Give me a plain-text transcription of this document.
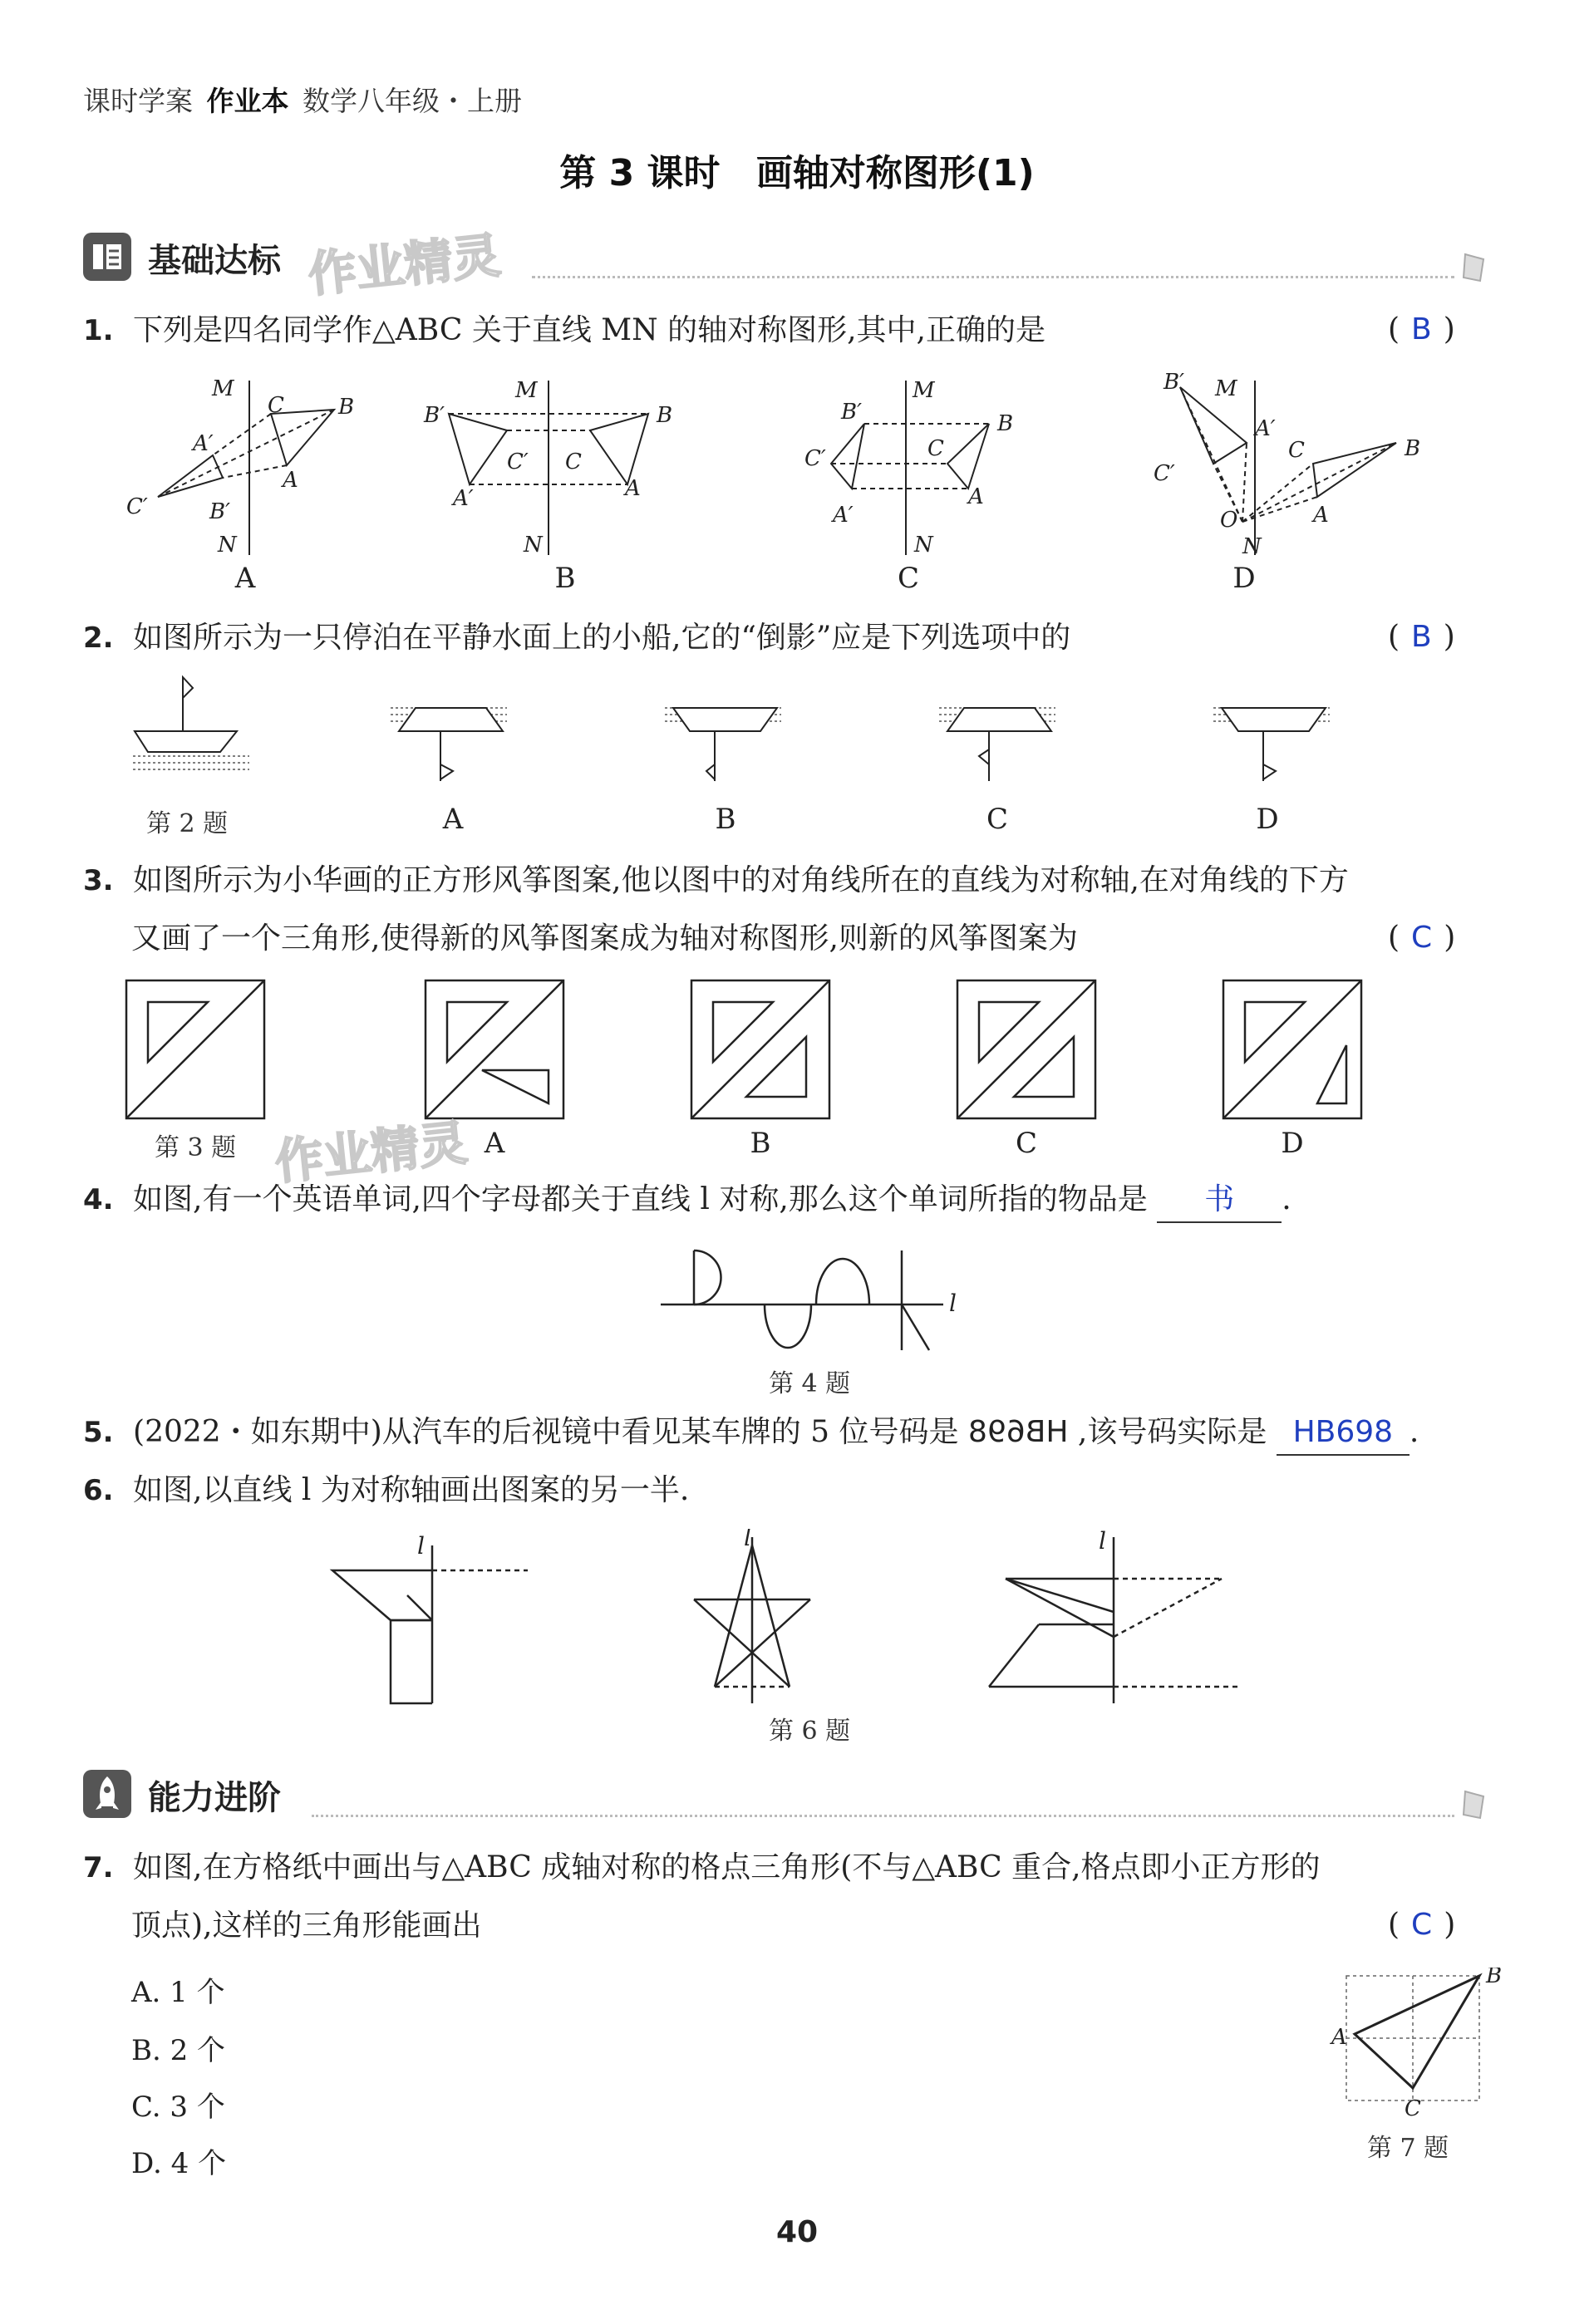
课时学案 作业本 数学八年级・上册
第 3 课时 画轴对称图形(1)
基础达标 作业精灵
1. 下列是四名同学作△ABC 关于直线 MN 的轴对称图形,其中,正确的是	( B )
M
N
C	B
A
A′
C′	B′
M
N
B
B′
C′ C
A′	A
M
N
B
B′
C′	C
A
A′
B′ M
A′
C	B
C′
O	A
N
A	B	C	D
2. 如图所示为一只停泊在平静水面上的小船,它的“倒影”应是下列选项中的	( B )
第 2 题	A	B	C	D
3. 如图所示为小华画的正方形风筝图案,他以图中的对角线所在的直线为对称轴,在对角线的下方
又画了一个三角形,使得新的风筝图案成为轴对称图形,则新的风筝图案为	( C )
第 3 题 作业精灵 A	B	C	D
4. 如图,有一个英语单词,四个字母都关于直线 l 对称,那么这个单词所指的物品是 书 .
l
第 4 题
5. (2022・如东期中)从汽车的后视镜中看见某车牌的 5 位号码是 HB698 ,该号码实际是 HB698 .
6. 如图,以直线 l 为对称轴画出图案的另一半.
l	l	l
第 6 题
能力进阶
7. 如图,在方格纸中画出与△ABC 成轴对称的格点三角形(不与△ABC 重合,格点即小正方形的
顶点),这样的三角形能画出	( C )
A. 1 个
B. 2 个
C. 3 个
D. 4 个
B
A
C
第 7 题
40
